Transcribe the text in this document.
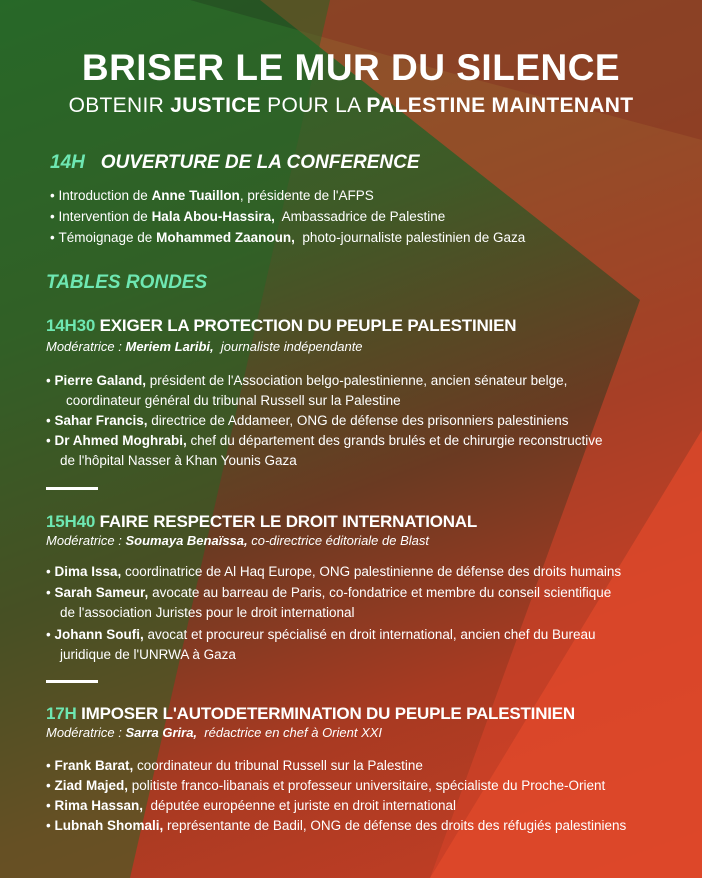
BRISER LE MUR DU SILENCE
OBTENIR JUSTICE POUR LA PALESTINE MAINTENANT
14H OUVERTURE DE LA CONFERENCE
• Introduction de Anne Tuaillon, présidente de l'AFPS
• Intervention de Hala Abou-Hassira, Ambassadrice de Palestine
• Témoignage de Mohammed Zaanoun, photo-journaliste palestinien de Gaza
TABLES RONDES
14H30 EXIGER LA PROTECTION DU PEUPLE PALESTINIEN
Modératrice : Meriem Laribi, journaliste indépendante
• Pierre Galand, président de l'Association belgo-palestinienne, ancien sénateur belge,
coordinateur général du tribunal Russell sur la Palestine
• Sahar Francis, directrice de Addameer, ONG de défense des prisonniers palestiniens
• Dr Ahmed Moghrabi, chef du département des grands brulés et de chirurgie reconstructive
de l'hôpital Nasser à Khan Younis Gaza
15H40 FAIRE RESPECTER LE DROIT INTERNATIONAL
Modératrice : Soumaya Benaïssa, co-directrice éditoriale de Blast
• Dima Issa, coordinatrice de Al Haq Europe, ONG palestinienne de défense des droits humains
• Sarah Sameur, avocate au barreau de Paris, co-fondatrice et membre du conseil scientifique
de l'association Juristes pour le droit international
• Johann Soufi, avocat et procureur spécialisé en droit international, ancien chef du Bureau
juridique de l'UNRWA à Gaza
17H IMPOSER L'AUTODETERMINATION DU PEUPLE PALESTINIEN
Modératrice : Sarra Grira, rédactrice en chef à Orient XXI
• Frank Barat, coordinateur du tribunal Russell sur la Palestine
• Ziad Majed, politiste franco-libanais et professeur universitaire, spécialiste du Proche-Orient
• Rima Hassan, députée européenne et juriste en droit international
• Lubnah Shomali, représentante de Badil, ONG de défense des droits des réfugiés palestiniens
